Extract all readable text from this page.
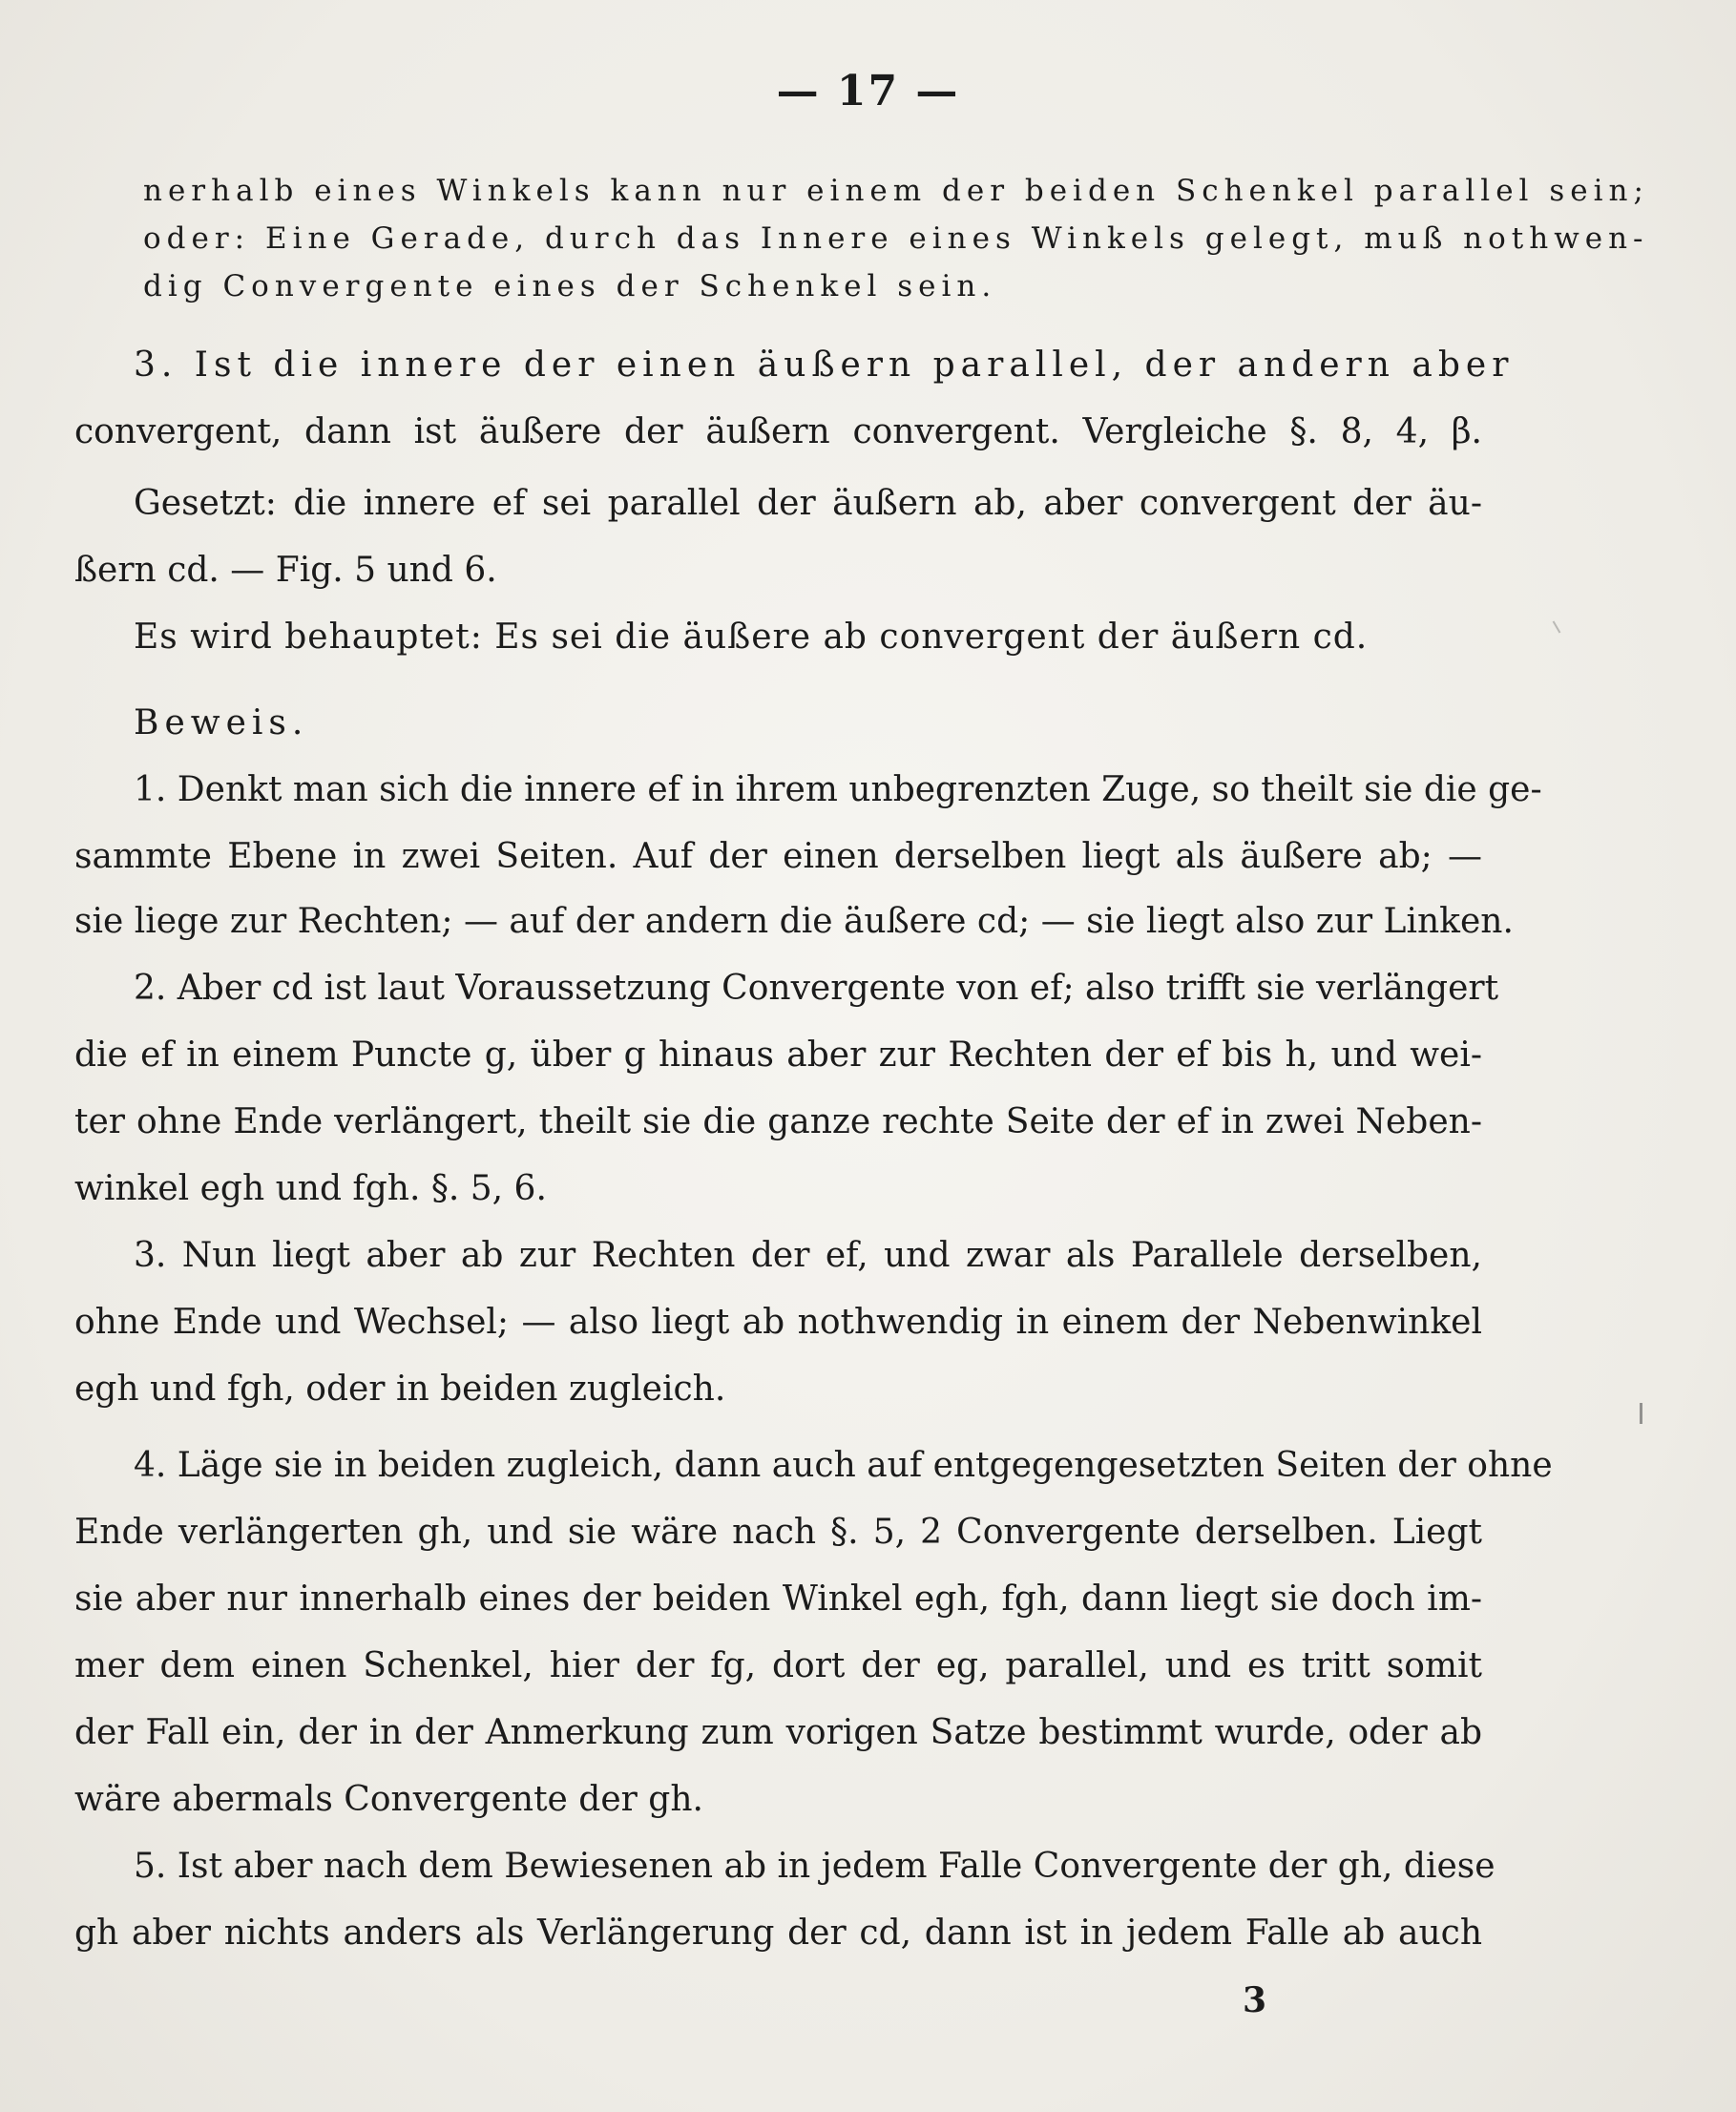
— 17 —
nerhalb eines Winkels kann nur einem der beiden Schenkel parallel sein;
oder: Eine Gerade, durch das Innere eines Winkels gelegt, muß nothwen-
dig Convergente eines der Schenkel sein.
3. Ist die innere der einen äußern parallel, der andern aber
convergent, dann ist äußere der äußern convergent. Vergleiche §. 8, 4, β.
Gesetzt: die innere ef sei parallel der äußern ab, aber convergent der äu-
ßern cd. — Fig. 5 und 6.
Es wird behauptet: Es sei die äußere ab convergent der äußern cd.
Beweis.
1. Denkt man sich die innere ef in ihrem unbegrenzten Zuge, so theilt sie die ge-
sammte Ebene in zwei Seiten. Auf der einen derselben liegt als äußere ab; —
sie liege zur Rechten; — auf der andern die äußere cd; — sie liegt also zur Linken.
2. Aber cd ist laut Voraussetzung Convergente von ef; also trifft sie verlängert
die ef in einem Puncte g, über g hinaus aber zur Rechten der ef bis h, und wei-
ter ohne Ende verlängert, theilt sie die ganze rechte Seite der ef in zwei Neben-
winkel egh und fgh. §. 5, 6.
3. Nun liegt aber ab zur Rechten der ef, und zwar als Parallele derselben,
ohne Ende und Wechsel; — also liegt ab nothwendig in einem der Nebenwinkel
egh und fgh, oder in beiden zugleich.
4. Läge sie in beiden zugleich, dann auch auf entgegengesetzten Seiten der ohne
Ende verlängerten gh, und sie wäre nach §. 5, 2 Convergente derselben. Liegt
sie aber nur innerhalb eines der beiden Winkel egh, fgh, dann liegt sie doch im-
mer dem einen Schenkel, hier der fg, dort der eg, parallel, und es tritt somit
der Fall ein, der in der Anmerkung zum vorigen Satze bestimmt wurde, oder ab
wäre abermals Convergente der gh.
5. Ist aber nach dem Bewiesenen ab in jedem Falle Convergente der gh, diese
gh aber nichts anders als Verlängerung der cd, dann ist in jedem Falle ab auch
3
